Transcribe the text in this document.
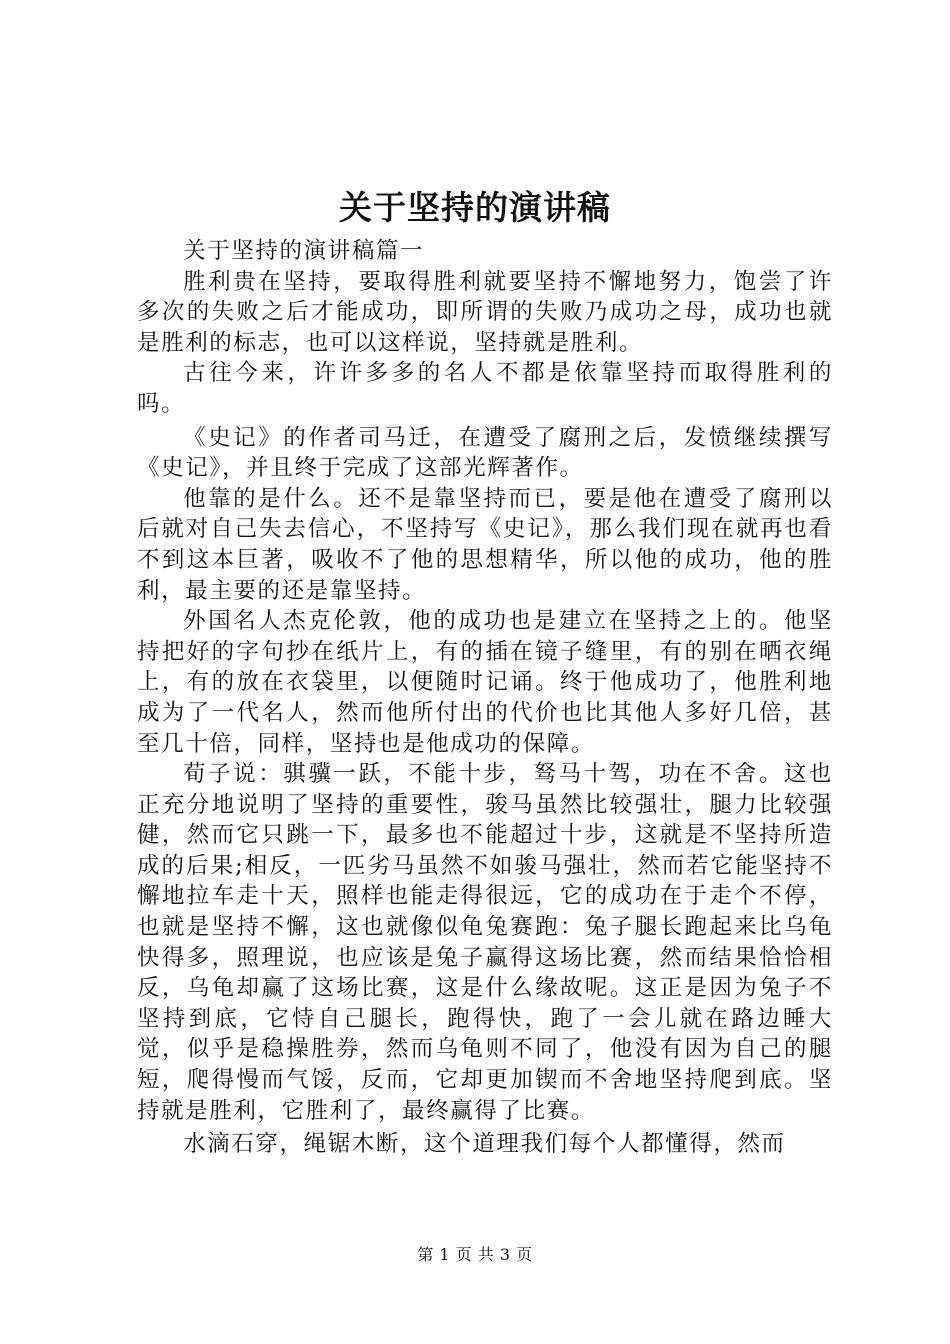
关于坚持的演讲稿

关于坚持的演讲稿篇一

胜利贵在坚持，要取得胜利就要坚持不懈地努力，饱尝了许多次的失败之后才能成功，即所谓的失败乃成功之母，成功也就是胜利的标志，也可以这样说，坚持就是胜利。

古往今来，许许多多的名人不都是依靠坚持而取得胜利的吗。

《史记》的作者司马迁，在遭受了腐刑之后，发愤继续撰写《史记》，并且终于完成了这部光辉著作。

他靠的是什么。还不是靠坚持而已，要是他在遭受了腐刑以后就对自己失去信心，不坚持写《史记》，那么我们现在就再也看不到这本巨著，吸收不了他的思想精华，所以他的成功，他的胜利，最主要的还是靠坚持。

外国名人杰克伦敦，他的成功也是建立在坚持之上的。他坚持把好的字句抄在纸片上，有的插在镜子缝里，有的别在晒衣绳上，有的放在衣袋里，以便随时记诵。终于他成功了，他胜利地成为了一代名人，然而他所付出的代价也比其他人多好几倍，甚至几十倍，同样，坚持也是他成功的保障。

荀子说：骐骥一跃，不能十步，驽马十驾，功在不舍。这也正充分地说明了坚持的重要性，骏马虽然比较强壮，腿力比较强健，然而它只跳一下，最多也不能超过十步，这就是不坚持所造成的后果;相反，一匹劣马虽然不如骏马强壮，然而若它能坚持不懈地拉车走十天，照样也能走得很远，它的成功在于走个不停，也就是坚持不懈，这也就像似龟兔赛跑：兔子腿长跑起来比乌龟快得多，照理说，也应该是兔子赢得这场比赛，然而结果恰恰相反，乌龟却赢了这场比赛，这是什么缘故呢。这正是因为兔子不坚持到底，它恃自己腿长，跑得快，跑了一会儿就在路边睡大觉，似乎是稳操胜券，然而乌龟则不同了，他没有因为自己的腿短，爬得慢而气馁，反而，它却更加锲而不舍地坚持爬到底。坚持就是胜利，它胜利了，最终赢得了比赛。

水滴石穿，绳锯木断，这个道理我们每个人都懂得，然而

第 1 页 共 3 页
